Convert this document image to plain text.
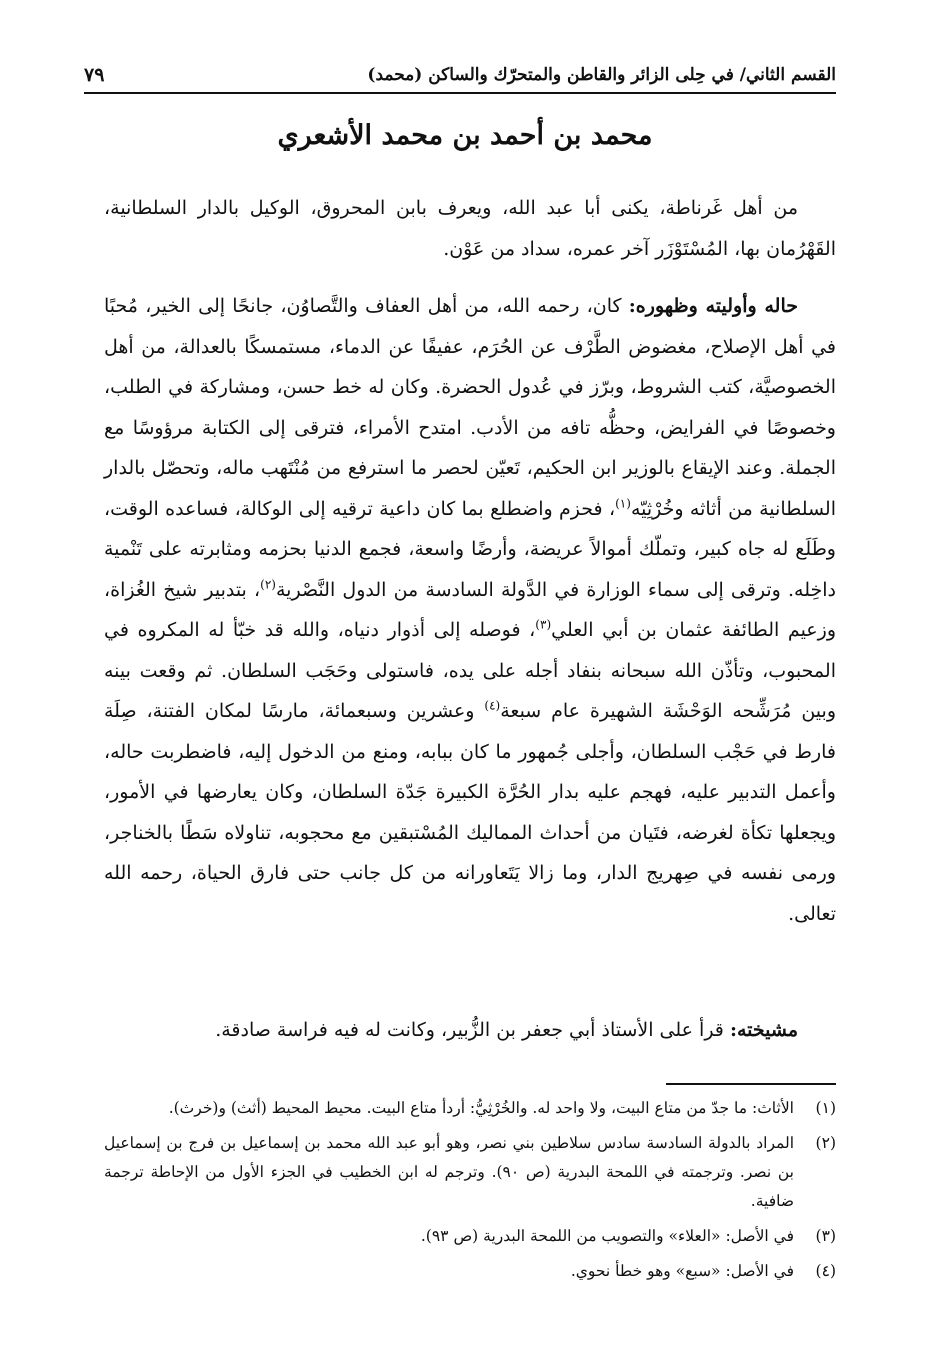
القسم الثاني/ في حِلى الزائر والقاطن والمتحرّك والساكن (محمد)
٧٩
محمد بن أحمد بن محمد الأشعري

من أهل غَرناطة، يكنى أبا عبد الله، ويعرف بابن المحروق، الوكيل بالدار السلطانية، القَهْرُمان بها، المُسْتَوْزَر آخر عمره، سداد من عَوْن.

حاله وأوليته وظهوره: كان، رحمه الله، من أهل العفاف والتَّصاوُن، جانحًا إلى الخير، مُحبًا في أهل الإصلاح، مغضوض الطَّرْف عن الحُرَم، عفيفًا عن الدماء، مستمسكًا بالعدالة، من أهل الخصوصيَّة، كتب الشروط، وبرّز في عُدول الحضرة. وكان له خط حسن، ومشاركة في الطلب، وخصوصًا في الفرايض، وحظُّه تافه من الأدب. امتدح الأمراء، فترقى إلى الكتابة مرؤوسًا مع الجملة. وعند الإيقاع بالوزير ابن الحكيم، تَعيّن لحصر ما استرفع من مُنْتَهب ماله، وتحصّل بالدار السلطانية من أثاثه وخُرْثِيّه$^{(١)}$، فحزم واضطلع بما كان داعية ترقيه إلى الوكالة، فساعده الوقت، وطَلَع له جاه كبير، وتملّك أموالاً عريضة، وأرضًا واسعة، فجمع الدنيا بحزمه ومثابرته على تَنْمية داخِله. وترقى إلى سماء الوزارة في الدَّولة السادسة من الدول النَّصْرية$^{(٢)}$، بتدبير شيخ الغُزاة، وزعيم الطائفة عثمان بن أبي العلي$^{(٣)}$، فوصله إلى أذوار دنياه، والله قد خبّأ له المكروه في المحبوب، وتأذّن الله سبحانه بنفاد أجله على يده، فاستولى وحَجَب السلطان. ثم وقعت بينه وبين مُرَشِّحه الوَحْشَة الشهيرة عام سبعة$^{(٤)}$ وعشرين وسبعمائة، مارسًا لمكان الفتنة، صِلَة فارط في حَجْب السلطان، وأجلى جُمهور ما كان ببابه، ومنع من الدخول إليه، فاضطربت حاله، وأعمل التدبير عليه، فهجم عليه بدار الحُرَّة الكبيرة جَدّة السلطان، وكان يعارضها في الأمور، ويجعلها تكأة لغرضه، فتَيان من أحداث المماليك المُسْتبقين مع محجوبه، تناولاه سَطًا بالخناجر، ورمى نفسه في صِهريج الدار، وما زالا يَتَعاورانه من كل جانب حتى فارق الحياة، رحمه الله تعالى.

مشيخته: قرأ على الأستاذ أبي جعفر بن الزُّبير، وكانت له فيه فراسة صادقة.

(١)
الأثاث: ما جدّ من متاع البيت، ولا واحد له. والخُرْثِيُّ: أردأ متاع البيت. محيط المحيط (أثث) و(خرث).
(٢)
المراد بالدولة السادسة سادس سلاطين بني نصر، وهو أبو عبد الله محمد بن إسماعيل بن فرج بن إسماعيل بن نصر. وترجمته في اللمحة البدرية (ص ٩٠). وترجم له ابن الخطيب في الجزء الأول من الإحاطة ترجمة ضافية.
(٣)
في الأصل: «العلاء» والتصويب من اللمحة البدرية (ص ٩٣).
(٤)
في الأصل: «سبع» وهو خطأ نحوي.
